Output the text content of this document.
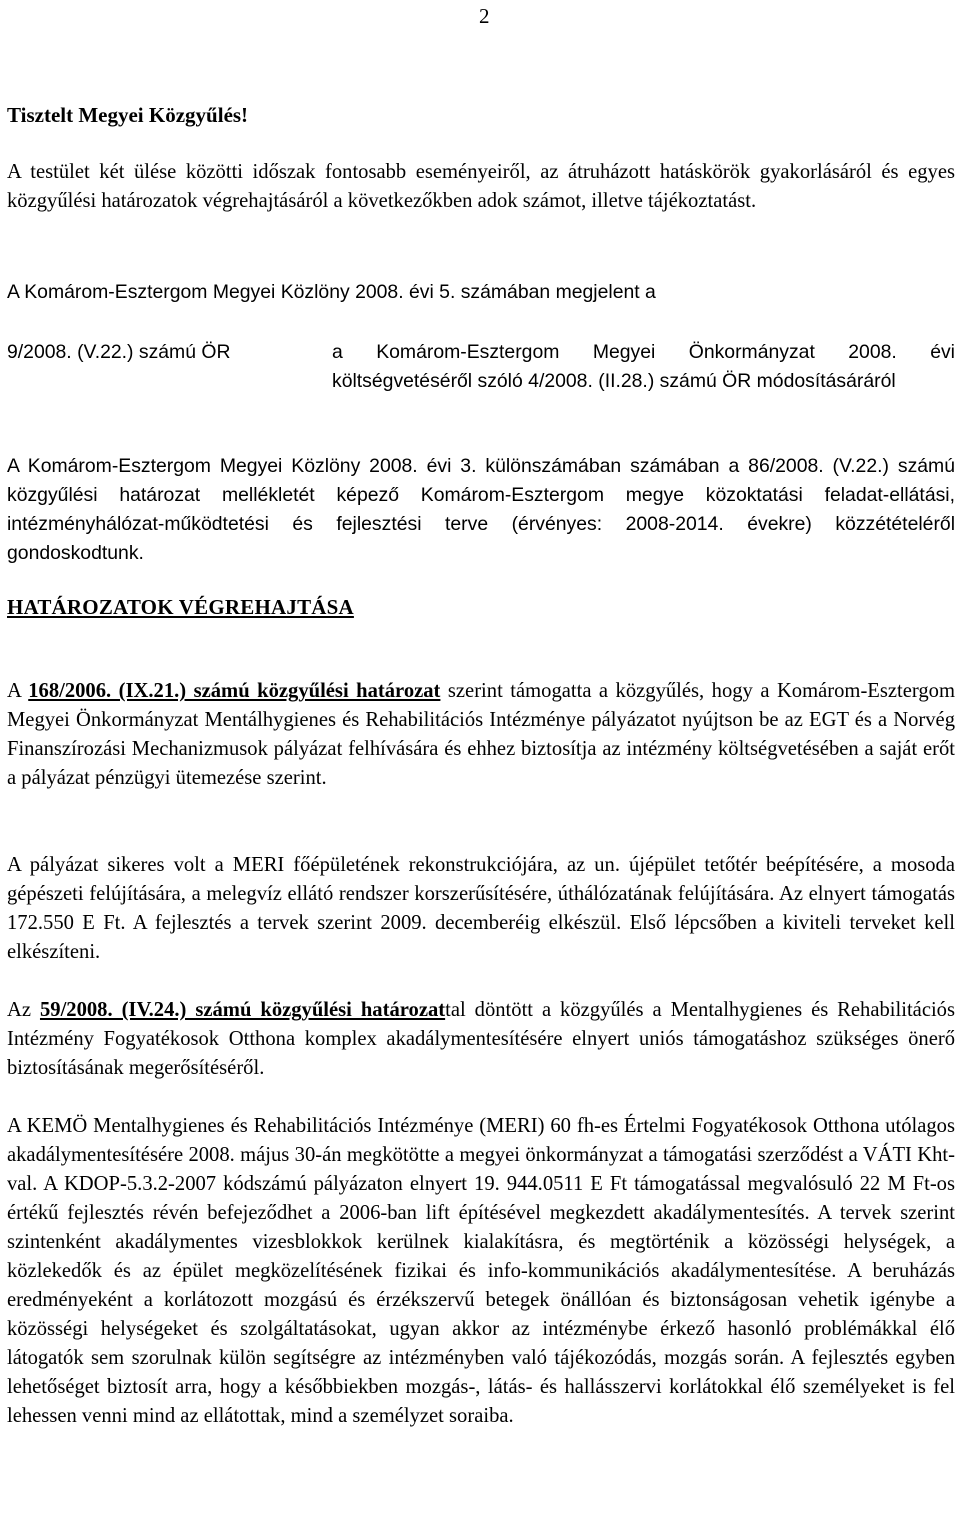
2
Tisztelt Megyei Közgyűlés!

A testület két ülése közötti időszak fontosabb eseményeiről, az átruházott hatáskörök gyakorlásáról és egyes közgyűlési határozatok végrehajtásáról a következőkben adok számot, illetve tájékoztatást.

A Komárom-Esztergom Megyei Közlöny 2008. évi 5. számában megjelent a

9/2008. (V.22.) számú ÖR	a Komárom-Esztergom Megyei Önkormányzat 2008. évi költségvetéséről szóló 4/2008. (II.28.) számú ÖR módosításáráról

A Komárom-Esztergom Megyei Közlöny 2008. évi 3. különszámában számában a 86/2008. (V.22.) számú közgyűlési határozat mellékletét képező Komárom-Esztergom megye közoktatási feladat-ellátási, intézményhálózat-működtetési és fejlesztési terve (érvényes: 2008-2014. évekre) közzétételéről gondoskodtunk.

HATÁROZATOK VÉGREHAJTÁSA

A 168/2006. (IX.21.) számú közgyűlési határozat szerint támogatta a közgyűlés, hogy a Komárom-Esztergom Megyei Önkormányzat Mentálhygienes és Rehabilitációs Intézménye pályázatot nyújtson be az EGT és a Norvég Finanszírozási Mechanizmusok pályázat felhívására és ehhez biztosítja az intézmény költségvetésében a saját erőt a pályázat pénzügyi ütemezése szerint.

A pályázat sikeres volt a MERI főépületének rekonstrukciójára, az un. újépület tetőtér beépítésére, a mosoda gépészeti felújítására, a melegvíz ellátó rendszer korszerűsítésére, úthálózatának felújítására. Az elnyert támogatás 172.550 E Ft. A fejlesztés a tervek szerint 2009. decemberéig elkészül. Első lépcsőben a kiviteli terveket kell elkészíteni.

Az 59/2008. (IV.24.) számú közgyűlési határozattal döntött a közgyűlés a Mentalhygienes és Rehabilitációs Intézmény Fogyatékosok Otthona komplex akadálymentesítésére elnyert uniós támogatáshoz szükséges önerő biztosításának megerősítéséről.

A KEMÖ Mentalhygienes és Rehabilitációs Intézménye (MERI) 60 fh-es Értelmi Fogyatékosok Otthona utólagos akadálymentesítésére 2008. május 30-án megkötötte a megyei önkormányzat a támogatási szerződést a VÁTI Kht-val. A KDOP-5.3.2-2007 kódszámú pályázaton elnyert 19. 944.0511 E Ft támogatással megvalósuló 22 M Ft-os értékű fejlesztés révén befejeződhet a 2006-ban lift építésével megkezdett akadálymentesítés. A tervek szerint szintenként akadálymentes vizesblokkok kerülnek kialakításra, és megtörténik a közösségi helységek, a közlekedők és az épület megközelítésének fizikai és info-kommunikációs akadálymentesítése. A beruházás eredményeként a korlátozott mozgású és érzékszervű betegek önállóan és biztonságosan vehetik igénybe a közösségi helységeket és szolgáltatásokat, ugyan akkor az intézménybe érkező hasonló problémákkal élő látogatók sem szorulnak külön segítségre az intézményben való tájékozódás, mozgás során. A fejlesztés egyben lehetőséget biztosít arra, hogy a későbbiekben mozgás-, látás- és hallásszervi korlátokkal élő személyeket is fel lehessen venni mind az ellátottak, mind a személyzet soraiba.
